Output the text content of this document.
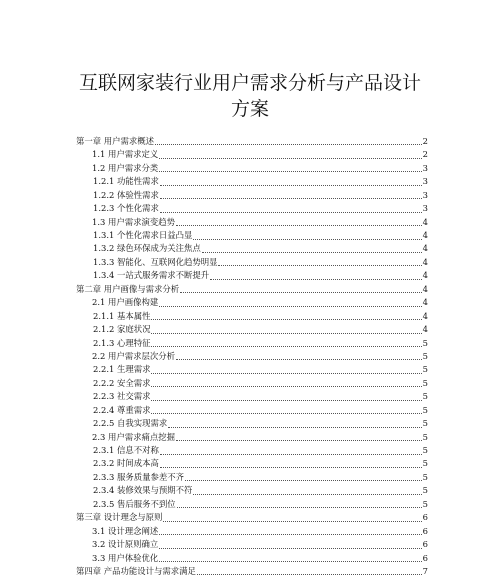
互联网家装行业用户需求分析与产品设计
方案
第一章 用户需求概述	2
1.1 用户需求定义	2
1.2 用户需求分类	3
1.2.1 功能性需求	3
1.2.2 体验性需求	3
1.2.3 个性化需求	3
1.3 用户需求演变趋势	4
1.3.1 个性化需求日益凸显	4
1.3.2 绿色环保成为关注焦点	4
1.3.3 智能化、互联网化趋势明显	4
1.3.4 一站式服务需求不断提升	4
第二章 用户画像与需求分析	4
2.1 用户画像构建	4
2.1.1 基本属性	4
2.1.2 家庭状况	4
2.1.3 心理特征	5
2.2 用户需求层次分析	5
2.2.1 生理需求	5
2.2.2 安全需求	5
2.2.3 社交需求	5
2.2.4 尊重需求	5
2.2.5 自我实现需求	5
2.3 用户需求痛点挖掘	5
2.3.1 信息不对称	5
2.3.2 时间成本高	5
2.3.3 服务质量参差不齐	5
2.3.4 装修效果与预期不符	5
2.3.5 售后服务不到位	5
第三章 设计理念与原则	6
3.1 设计理念阐述	6
3.2 设计原则确立	6
3.3 用户体验优化	6
第四章 产品功能设计与需求满足	7
